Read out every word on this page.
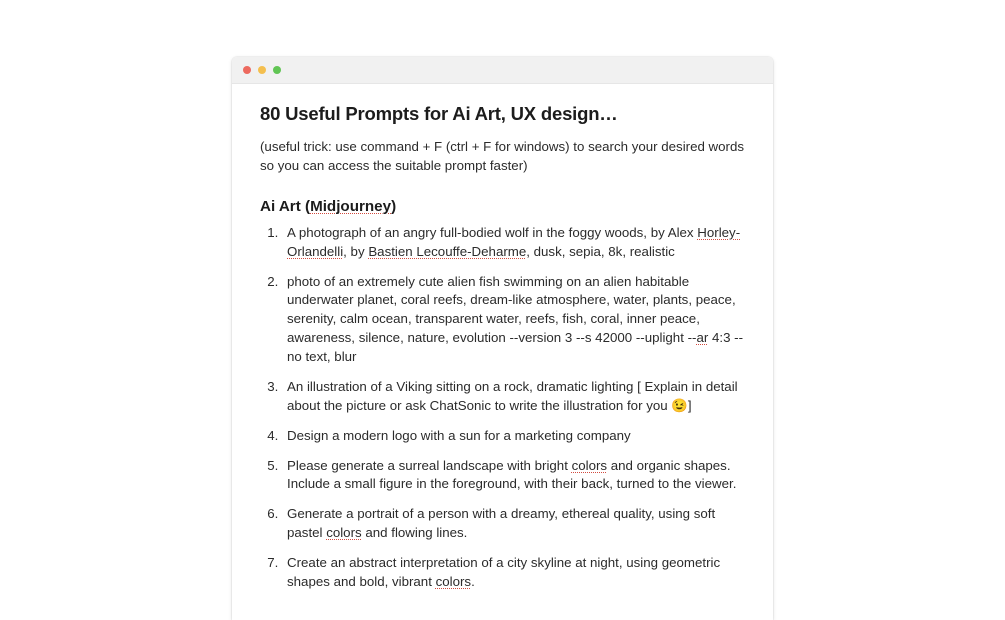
80 Useful Prompts for Ai Art, UX design…

(useful trick: use command + F (ctrl + F for windows) to search your desired words so you can access the suitable prompt faster)

Ai Art (Midjourney)
1. A photograph of an angry full-bodied wolf in the foggy woods, by Alex Horley-Orlandelli, by Bastien Lecouffe-Deharme, dusk, sepia, 8k, realistic
2. photo of an extremely cute alien fish swimming on an alien habitable underwater planet, coral reefs, dream-like atmosphere, water, plants, peace, serenity, calm ocean, transparent water, reefs, fish, coral, inner peace, awareness, silence, nature, evolution --version 3 --s 42000 --uplight --ar 4:3 --no text, blur
3. An illustration of a Viking sitting on a rock, dramatic lighting [ Explain in detail about the picture or ask ChatSonic to write the illustration for you 😉]
4. Design a modern logo with a sun for a marketing company
5. Please generate a surreal landscape with bright colors and organic shapes. Include a small figure in the foreground, with their back, turned to the viewer.
6. Generate a portrait of a person with a dreamy, ethereal quality, using soft pastel colors and flowing lines.
7. Create an abstract interpretation of a city skyline at night, using geometric shapes and bold, vibrant colors.
